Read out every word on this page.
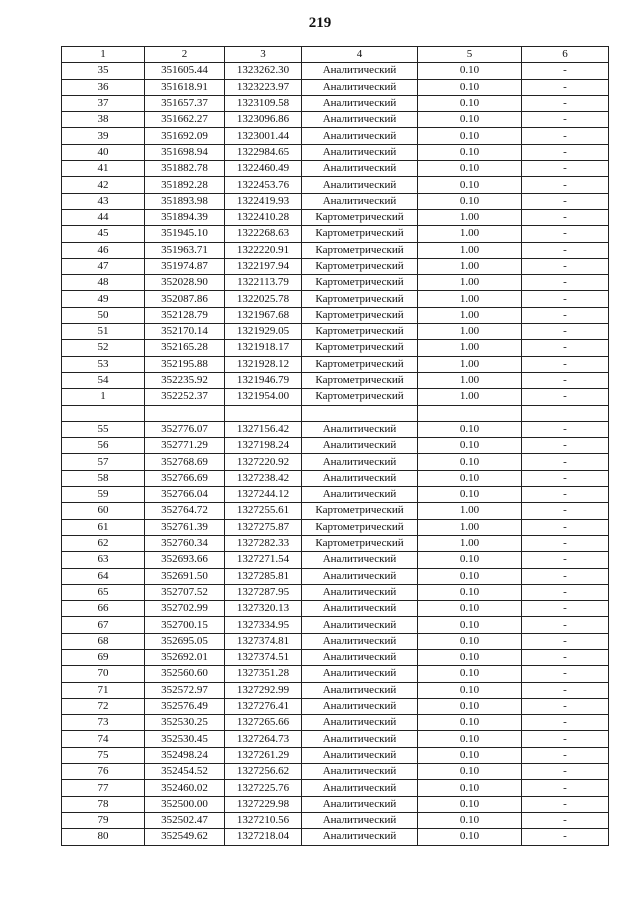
219
1	2	3	4	5	6
35	351605.44	1323262.30	Аналитический	0.10	-
36	351618.91	1323223.97	Аналитический	0.10	-
37	351657.37	1323109.58	Аналитический	0.10	-
38	351662.27	1323096.86	Аналитический	0.10	-
39	351692.09	1323001.44	Аналитический	0.10	-
40	351698.94	1322984.65	Аналитический	0.10	-
41	351882.78	1322460.49	Аналитический	0.10	-
42	351892.28	1322453.76	Аналитический	0.10	-
43	351893.98	1322419.93	Аналитический	0.10	-
44	351894.39	1322410.28	Картометрический	1.00	-
45	351945.10	1322268.63	Картометрический	1.00	-
46	351963.71	1322220.91	Картометрический	1.00	-
47	351974.87	1322197.94	Картометрический	1.00	-
48	352028.90	1322113.79	Картометрический	1.00	-
49	352087.86	1322025.78	Картометрический	1.00	-
50	352128.79	1321967.68	Картометрический	1.00	-
51	352170.14	1321929.05	Картометрический	1.00	-
52	352165.28	1321918.17	Картометрический	1.00	-
53	352195.88	1321928.12	Картометрический	1.00	-
54	352235.92	1321946.79	Картометрический	1.00	-
1	352252.37	1321954.00	Картометрический	1.00	-

55	352776.07	1327156.42	Аналитический	0.10	-
56	352771.29	1327198.24	Аналитический	0.10	-
57	352768.69	1327220.92	Аналитический	0.10	-
58	352766.69	1327238.42	Аналитический	0.10	-
59	352766.04	1327244.12	Аналитический	0.10	-
60	352764.72	1327255.61	Картометрический	1.00	-
61	352761.39	1327275.87	Картометрический	1.00	-
62	352760.34	1327282.33	Картометрический	1.00	-
63	352693.66	1327271.54	Аналитический	0.10	-
64	352691.50	1327285.81	Аналитический	0.10	-
65	352707.52	1327287.95	Аналитический	0.10	-
66	352702.99	1327320.13	Аналитический	0.10	-
67	352700.15	1327334.95	Аналитический	0.10	-
68	352695.05	1327374.81	Аналитический	0.10	-
69	352692.01	1327374.51	Аналитический	0.10	-
70	352560.60	1327351.28	Аналитический	0.10	-
71	352572.97	1327292.99	Аналитический	0.10	-
72	352576.49	1327276.41	Аналитический	0.10	-
73	352530.25	1327265.66	Аналитический	0.10	-
74	352530.45	1327264.73	Аналитический	0.10	-
75	352498.24	1327261.29	Аналитический	0.10	-
76	352454.52	1327256.62	Аналитический	0.10	-
77	352460.02	1327225.76	Аналитический	0.10	-
78	352500.00	1327229.98	Аналитический	0.10	-
79	352502.47	1327210.56	Аналитический	0.10	-
80	352549.62	1327218.04	Аналитический	0.10	-
